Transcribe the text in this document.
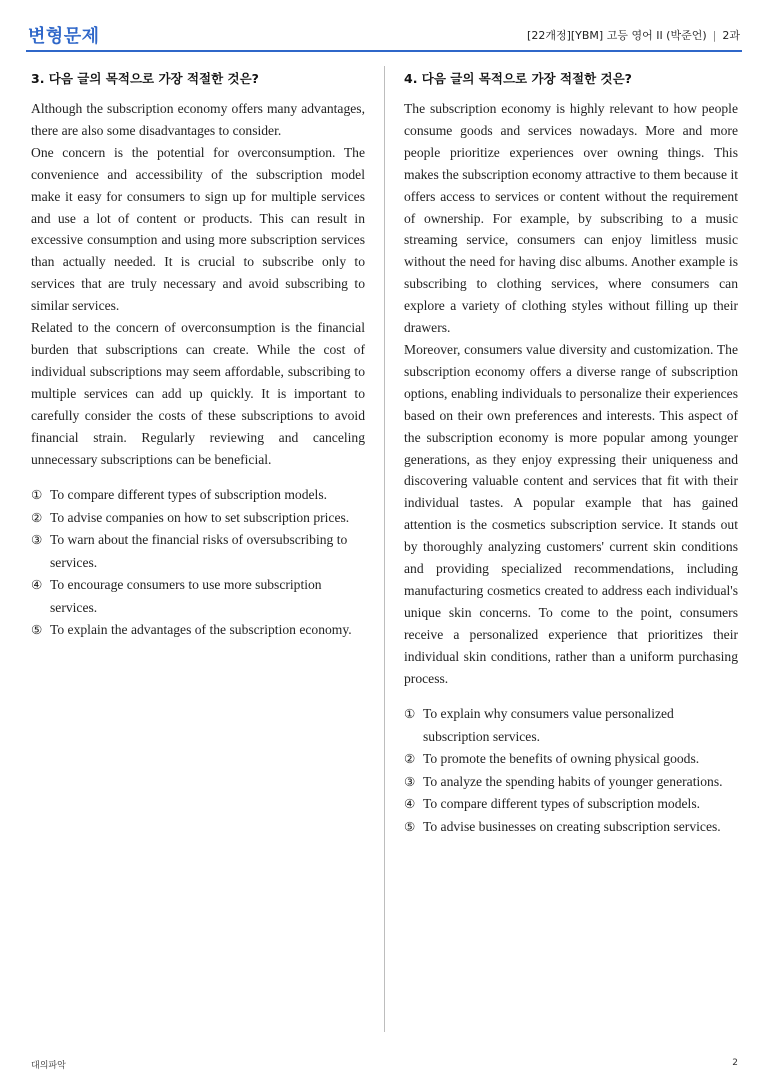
변형문제	[22개정][YBM] 고등 영어 II (박준언) | 2과
3. 다음 글의 목적으로 가장 적절한 것은?

Although the subscription economy offers many advantages, there are also some disadvantages to consider.

One concern is the potential for overconsumption. The convenience and accessibility of the subscription model make it easy for consumers to sign up for multiple services and use a lot of content or products. This can result in excessive consumption and using more subscription services than actually needed. It is crucial to subscribe only to services that are truly necessary and avoid subscribing to similar services.

Related to the concern of overconsumption is the financial burden that subscriptions can create. While the cost of individual subscriptions may seem affordable, subscribing to multiple services can add up quickly. It is important to carefully consider the costs of these subscriptions to avoid financial strain. Regularly reviewing and canceling unnecessary subscriptions can be beneficial.

① To compare different types of subscription models.
② To advise companies on how to set subscription prices.
③ To warn about the financial risks of oversubscribing to services.
④ To encourage consumers to use more subscription services.
⑤ To explain the advantages of the subscription economy.
4. 다음 글의 목적으로 가장 적절한 것은?

The subscription economy is highly relevant to how people consume goods and services nowadays. More and more people prioritize experiences over owning things. This makes the subscription economy attractive to them because it offers access to services or content without the requirement of ownership. For example, by subscribing to a music streaming service, consumers can enjoy limitless music without the need for having disc albums. Another example is subscribing to clothing services, where consumers can explore a variety of clothing styles without filling up their drawers.

Moreover, consumers value diversity and customization. The subscription economy offers a diverse range of subscription options, enabling individuals to personalize their experiences based on their own preferences and interests. This aspect of the subscription economy is more popular among younger generations, as they enjoy expressing their uniqueness and discovering valuable content and services that fit with their individual tastes. A popular example that has gained attention is the cosmetics subscription service. It stands out by thoroughly analyzing customers' current skin conditions and providing specialized recommendations, including manufacturing cosmetics created to address each individual's unique skin concerns. To come to the point, consumers receive a personalized experience that prioritizes their individual skin conditions, rather than a uniform purchasing process.

① To explain why consumers value personalized subscription services.
② To promote the benefits of owning physical goods.
③ To analyze the spending habits of younger generations.
④ To compare different types of subscription models.
⑤ To advise businesses on creating subscription services.
대의파악	2
